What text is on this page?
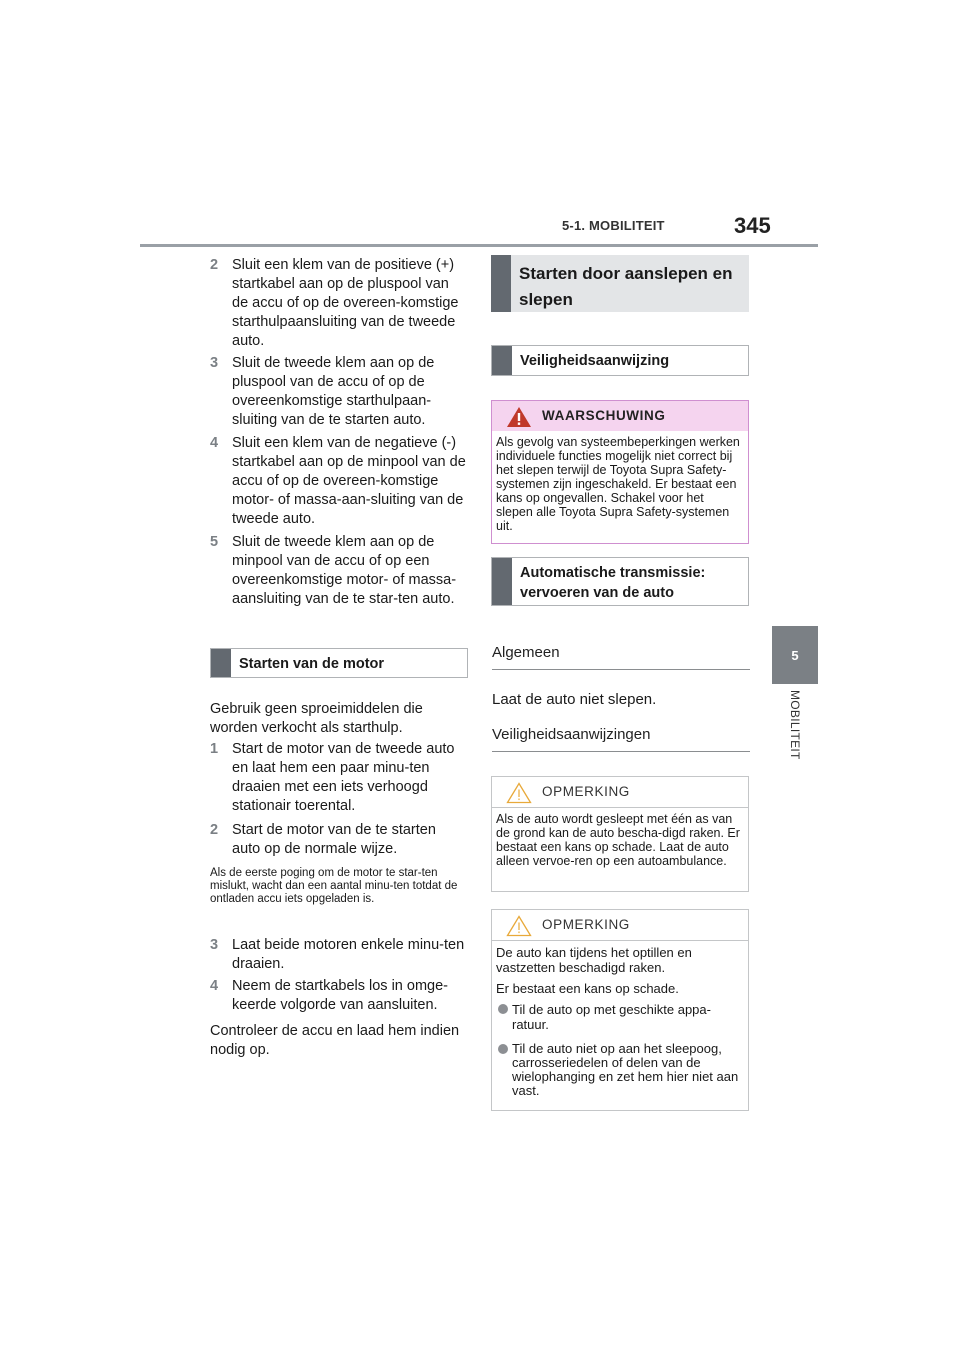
5-1. MOBILITEIT	345
5
MOBILITEIT
2 Sluit een klem van de positieve (+) startkabel aan op de pluspool van de accu of op de overeen-komstige starthulpaansluiting van de tweede auto.
3 Sluit de tweede klem aan op de pluspool van de accu of op de overeenkomstige starthulpaan-sluiting van de te starten auto.
4 Sluit een klem van de negatieve (-) startkabel aan op de minpool van de accu of op de overeen-komstige motor- of massa-aan-sluiting van de tweede auto.
5 Sluit de tweede klem aan op de minpool van de accu of op een overeenkomstige motor- of massa-aansluiting van de te star-ten auto.
Starten van de motor
Gebruik geen sproeimiddelen die worden verkocht als starthulp.
1 Start de motor van de tweede auto en laat hem een paar minu-ten draaien met een iets verhoogd stationair toerental.
2 Start de motor van de te starten auto op de normale wijze.
Als de eerste poging om de motor te star-ten mislukt, wacht dan een aantal minu-ten totdat de ontladen accu iets opgeladen is.
3 Laat beide motoren enkele minu-ten draaien.
4 Neem de startkabels los in omge-keerde volgorde van aansluiten.
Controleer de accu en laad hem indien nodig op.
Starten door aanslepen en slepen
Veiligheidsaanwijzing
WAARSCHUWING
Als gevolg van systeembeperkingen werken individuele functies mogelijk niet correct bij het slepen terwijl de Toyota Supra Safety-systemen zijn ingeschakeld. Er bestaat een kans op ongevallen. Schakel voor het slepen alle Toyota Supra Safety-systemen uit.
Automatische transmissie: vervoeren van de auto
Algemeen
Laat de auto niet slepen.
Veiligheidsaanwijzingen
OPMERKING
Als de auto wordt gesleept met één as van de grond kan de auto bescha-digd raken. Er bestaat een kans op schade. Laat de auto alleen vervoe-ren op een autoambulance.
OPMERKING

De auto kan tijdens het optillen en vastzetten beschadigd raken.

Er bestaat een kans op schade.

Til de auto op met geschikte appa-ratuur.
Til de auto niet op aan het sleepoog, carrosseriedelen of delen van de wielophanging en zet hem hier niet aan vast.
